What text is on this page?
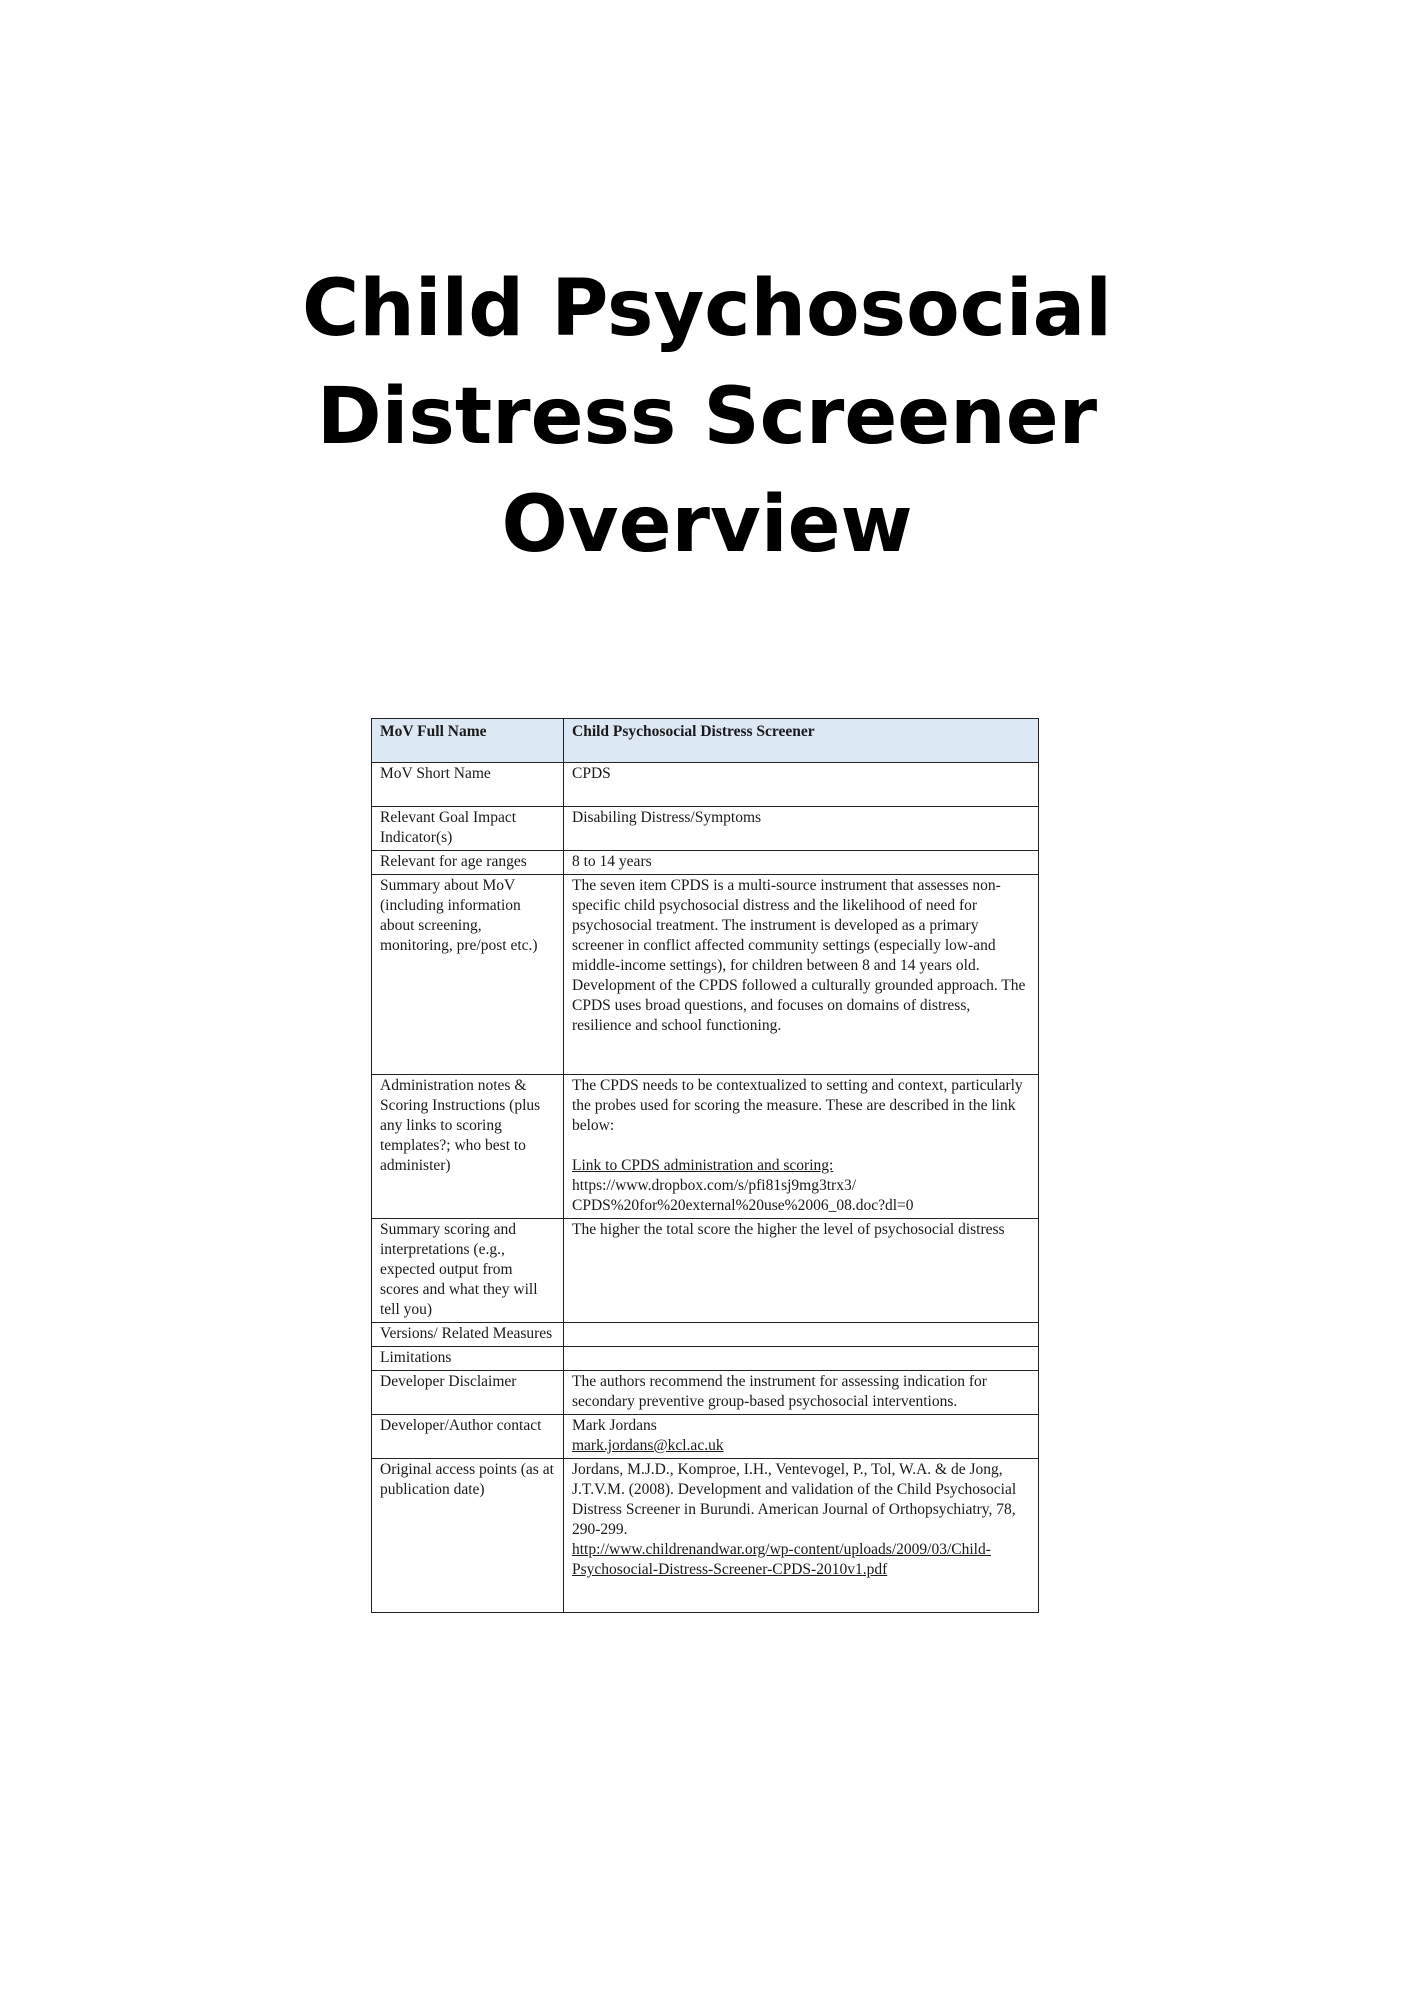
Child Psychosocial
Distress Screener
Overview
MoV Full Name	Child Psychosocial Distress Screener
MoV Short Name	CPDS
Relevant Goal Impact Indicator(s)	Disabiling Distress/Symptoms
Relevant for age ranges	8 to 14 years
Summary about MoV (including information about screening, monitoring, pre/post etc.)	The seven item CPDS is a multi-source instrument that assesses non-specific child psychosocial distress and the likelihood of need for psychosocial treatment. The instrument is developed as a primary screener in conflict affected community settings (especially low-and middle-income settings), for children between 8 and 14 years old. Development of the CPDS followed a culturally grounded approach. The CPDS uses broad questions, and focuses on domains of distress, resilience and school functioning.
Administration notes & Scoring Instructions (plus any links to scoring templates?; who best to administer)	The CPDS needs to be contextualized to setting and context, particularly the probes used for scoring the measure. These are described in the link below:
Link to CPDS administration and scoring:
https://www.dropbox.com/s/pfi81sj9mg3trx3/
CPDS%20for%20external%20use%2006_08.doc?dl=0

Summary scoring and interpretations (e.g., expected output from scores and what they will tell you)	The higher the total score the higher the level of psychosocial distress
Versions/ Related Measures	
Limitations	
Developer Disclaimer	The authors recommend the instrument for assessing indication for secondary preventive group-based psychosocial interventions.
Developer/Author contact	Mark Jordans
mark.jordans@kcl.ac.uk

Original access points (as at publication date)	Jordans, M.J.D., Komproe, I.H., Ventevogel, P., Tol, W.A. & de Jong, J.T.V.M. (2008). Development and validation of the Child Psychosocial Distress Screener in Burundi. American Journal of Orthopsychiatry, 78, 290-299.
http://www.childrenandwar.org/wp-content/uploads/2009/03/Child-Psychosocial-Distress-Screener-CPDS-2010v1.pdf
